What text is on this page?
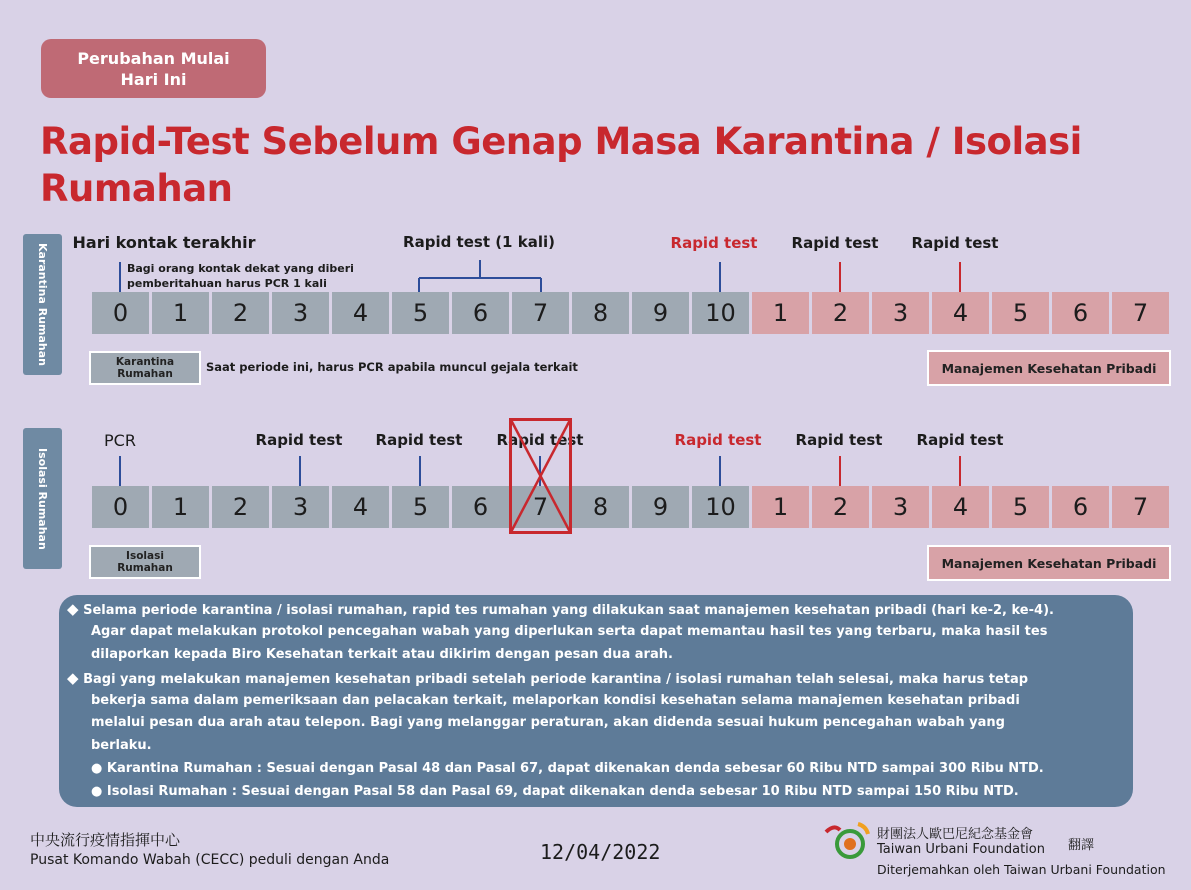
Perubahan Mulai
Hari Ini
Rapid-Test Sebelum Genap Masa Karantina / Isolasi Rumahan
Karantina Rumahan
Hari kontak terakhir
Bagi orang kontak dekat yang diberi
pemberitahuan harus PCR 1 kali
Rapid test (1 kali)	Rapid test Rapid test Rapid test
0	1	2	3	4	5	6	7	8	9	10	1	2	3	4	5	6	7
Karantina
Rumahan	Saat periode ini, harus PCR apabila muncul gejala terkait	Manajemen Kesehatan Pribadi
Isolasi Rumahan
PCR	Rapid test Rapid test Rapid test	Rapid test Rapid test Rapid test
0	1	2	3	4	5	6	7	8	9	10	1	2	3	4	5	6	7
Isolasi
Rumahan	Manajemen Kesehatan Pribadi

◆ Selama periode karantina / isolasi rumahan, rapid tes rumahan yang dilakukan saat manajemen kesehatan pribadi (hari ke-2, ke-4).

Agar dapat melakukan protokol pencegahan wabah yang diperlukan serta dapat memantau hasil tes yang terbaru, maka hasil tes

dilaporkan kepada Biro Kesehatan terkait atau dikirim dengan pesan dua arah.

◆ Bagi yang melakukan manajemen kesehatan pribadi setelah periode karantina / isolasi rumahan telah selesai, maka harus tetap

bekerja sama dalam pemeriksaan dan pelacakan terkait, melaporkan kondisi kesehatan selama manajemen kesehatan pribadi

melalui pesan dua arah atau telepon. Bagi yang melanggar peraturan, akan didenda sesuai hukum pencegahan wabah yang

berlaku.

● Karantina Rumahan : Sesuai dengan Pasal 48 dan Pasal 67, dapat dikenakan denda sebesar 60 Ribu NTD sampai 300 Ribu NTD.

● Isolasi Rumahan : Sesuai dengan Pasal 58 dan Pasal 69, dapat dikenakan denda sebesar 10 Ribu NTD sampai 150 Ribu NTD.

中央流行疫情指揮中心
Pusat Komando Wabah (CECC) peduli dengan Anda	12/04/2022
財團法人歐巴尼紀念基金會
翻譯
Taiwan Urbani Foundation
Diterjemahkan oleh Taiwan Urbani Foundation
